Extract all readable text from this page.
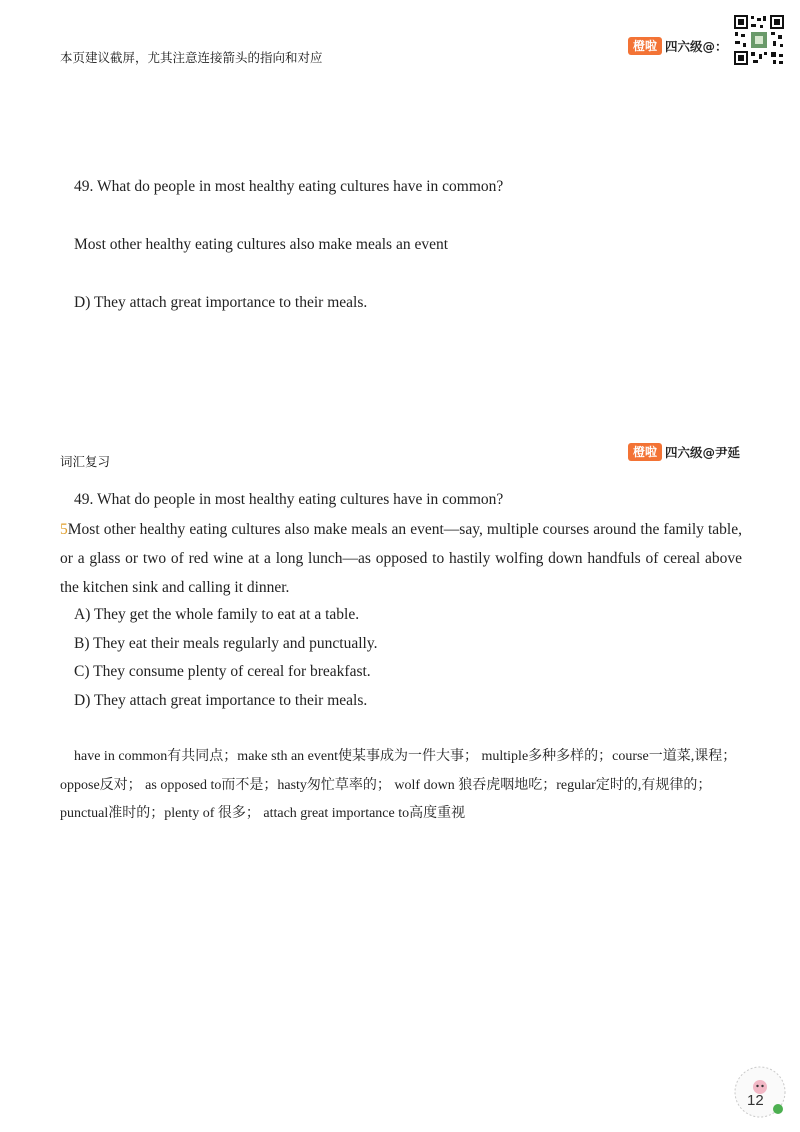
本页建议截屏，尤其注意连接箭头的指向和对应
橙啦 四六级@：
49. What do people in most healthy eating cultures have in common?
Most other healthy eating cultures also make meals an event
D) They attach great importance to their meals.
词汇复习
橙啦 四六级@尹延
49. What do people in most healthy eating cultures have in common?
5Most other healthy eating cultures also make meals an event—say, multiple courses around the family table, or a glass or two of red wine at a long lunch—as opposed to hastily wolfing down handfuls of cereal above the kitchen sink and calling it dinner.
A) They get the whole family to eat at a table.
B) They eat their meals regularly and punctually.
C) They consume plenty of cereal for breakfast.
D) They attach great importance to their meals.
have in common有共同点；make sth an event使某事成为一件大事； multiple多种多样的；course一道菜,课程； oppose反对； as opposed to而不是；hasty匆忙草率的； wolf down 狼吞虎咽地吃；regular定时的,有规律的；punctual准时的；plenty of 很多； attach great importance to高度重视
12
